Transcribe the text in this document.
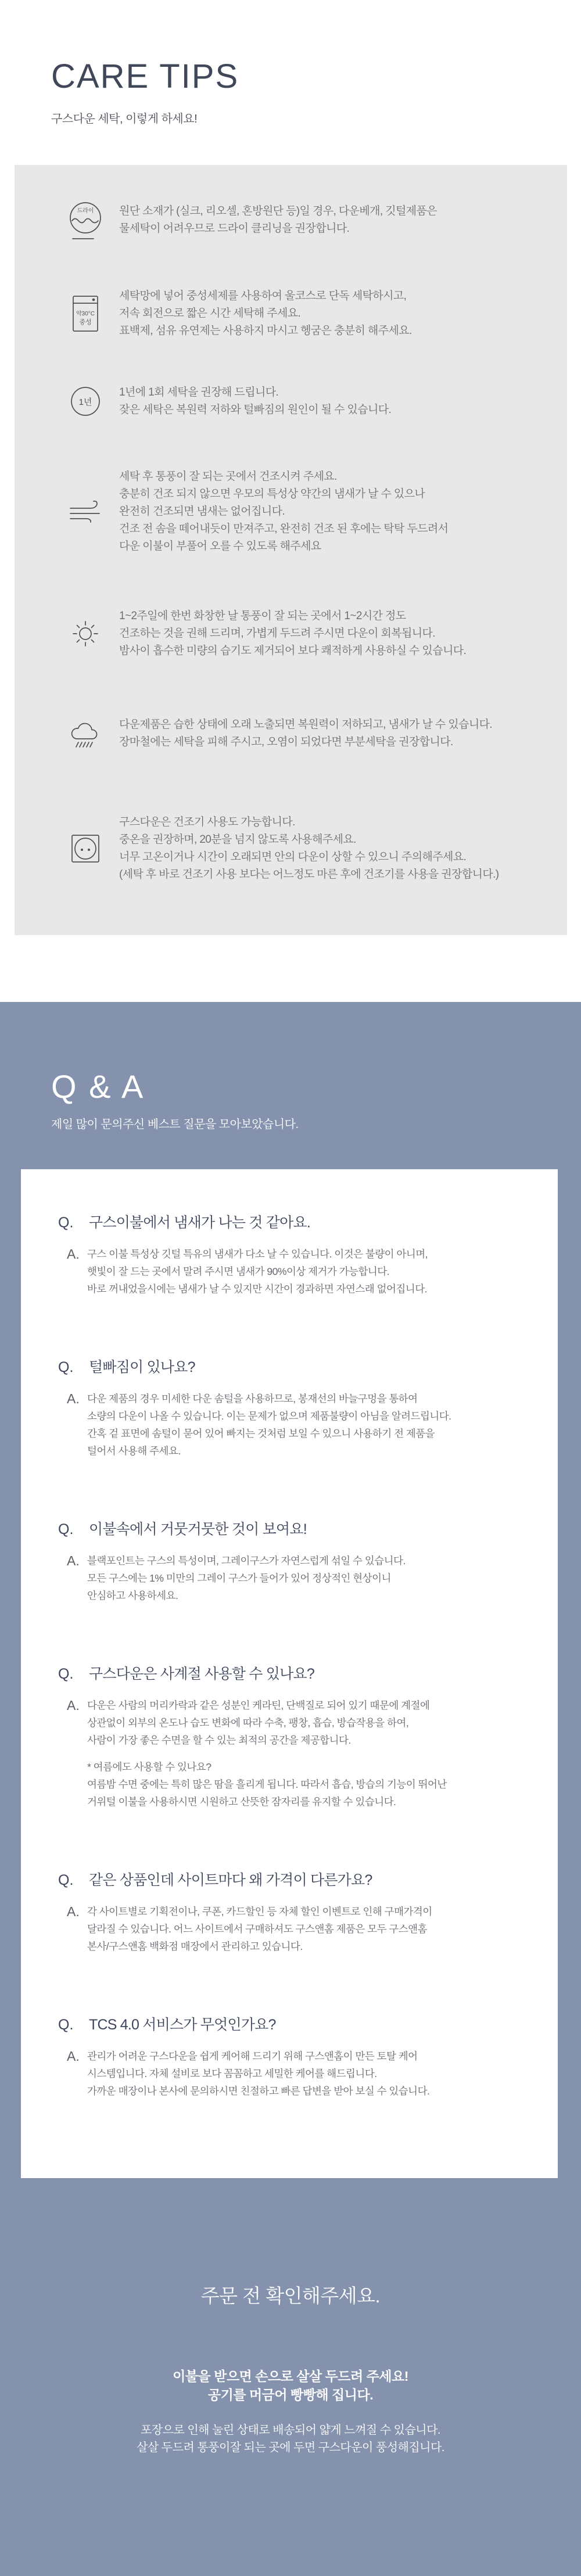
CARE TIPS
구스다운 세탁, 이렇게 하세요!
드라이 원단 소재가 (실크, 리오셀, 혼방원단 등)일 경우, 다운베개, 깃털제품은
물세탁이 어려우므로 드라이 클리닝을 권장합니다.
약30°C
중성
세탁망에 넣어 중성세제를 사용하여 울코스로 단독 세탁하시고,
저속 회전으로 짧은 시간 세탁해 주세요.
표백제, 섬유 유연제는 사용하지 마시고 헹굼은 충분히 해주세요.
1년
1년에 1회 세탁을 권장해 드립니다.
잦은 세탁은 복원력 저하와 털빠짐의 원인이 될 수 있습니다.
세탁 후 통풍이 잘 되는 곳에서 건조시켜 주세요.
충분히 건조 되지 않으면 우모의 특성상 약간의 냄새가 날 수 있으나
완전히 건조되면 냄새는 없어집니다.
건조 전 솜을 떼어내듯이 만져주고, 완전히 건조 된 후에는 탁탁 두드려서
다운 이불이 부풀어 오를 수 있도록 해주세요
1~2주일에 한번 화창한 날 통풍이 잘 되는 곳에서 1~2시간 정도
건조하는 것을 권해 드리며, 가볍게 두드려 주시면 다운이 회복됩니다.
밤사이 흡수한 미량의 습기도 제거되어 보다 쾌적하게 사용하실 수 있습니다.
다운제품은 습한 상태에 오래 노출되면 복원력이 저하되고, 냄새가 날 수 있습니다.
장마철에는 세탁을 피해 주시고, 오염이 되었다면 부분세탁을 권장합니다.
구스다운은 건조기 사용도 가능합니다.
중온을 권장하며, 20분을 넘지 않도록 사용해주세요.
너무 고온이거나 시간이 오래되면 안의 다운이 상할 수 있으니 주의해주세요.
(세탁 후 바로 건조기 사용 보다는 어느정도 마른 후에 건조기를 사용을 권장합니다.)
Q & A
제일 많이 문의주신 베스트 질문을 모아보았습니다.
Q.	구스이불에서 냄새가 나는 것 같아요.
A. 구스 이불 특성상 깃털 특유의 냄새가 다소 날 수 있습니다. 이것은 불량이 아니며,
햇빛이 잘 드는 곳에서 말려 주시면 냄새가 90%이상 제거가 가능합니다.
바로 꺼내었을시에는 냄새가 날 수 있지만 시간이 경과하면 자연스래 없어집니다.
Q.	털빠짐이 있나요?
A. 다운 제품의 경우 미세한 다운 솜털을 사용하므로, 봉재선의 바늘구멍을 통하여
소량의 다운이 나올 수 있습니다. 이는 문제가 없으며 제품불량이 아님을 알려드립니다.
간혹 겉 표면에 솜털이 묻어 있어 빠지는 것처럼 보일 수 있으니 사용하기 전 제품을
털어서 사용해 주세요.
Q.	이불속에서 거뭇거뭇한 것이 보여요!
A. 블랙포인트는 구스의 특성이며, 그레이구스가 자연스럽게 섞일 수 있습니다.
모든 구스에는 1% 미만의 그레이 구스가 들어가 있어 정상적인 현상이니
안심하고 사용하세요.
Q.	구스다운은 사계절 사용할 수 있나요?
A. 다운은 사람의 머리카락과 같은 성분인 케라틴, 단백질로 되어 있기 때문에 계절에
상관없이 외부의 온도나 습도 변화에 따라 수축, 팽창, 흡습, 방습작용을 하여,
사람이 가장 좋은 수면을 할 수 있는 최적의 공간을 제공합니다.
* 여름에도 사용할 수 있나요?
여름밤 수면 중에는 특히 많은 땀을 흘리게 됩니다. 따라서 흡습, 방습의 기능이 뛰어난
거위털 이불을 사용하시면 시원하고 산뜻한 잠자리를 유지할 수 있습니다.
Q.	같은 상품인데 사이트마다 왜 가격이 다른가요?
A. 각 사이트별로 기획전이나, 쿠폰, 카드할인 등 자체 할인 이벤트로 인해 구매가격이
달라질 수 있습니다. 어느 사이트에서 구매하셔도 구스앤홈 제품은 모두 구스앤홈
본사/구스앤홈 백화점 매장에서 관리하고 있습니다.
Q.	TCS 4.0 서비스가 무엇인가요?
A. 관리가 어려운 구스다운을 쉽게 케어해 드리기 위해 구스앤홈이 만든 토탈 케어
시스템입니다. 자체 설비로 보다 꼼꼼하고 세밀한 케어를 해드립니다.
가까운 매장이나 본사에 문의하시면 친절하고 빠른 답변을 받아 보실 수 있습니다.
주문 전 확인해주세요.
이불을 받으면 손으로 살살 두드려 주세요!
공기를 머금어 빵빵해 집니다.
포장으로 인해 눌린 상태로 배송되어 얇게 느껴질 수 있습니다.
살살 두드려 통풍이잘 되는 곳에 두면 구스다운이 풍성해집니다.
